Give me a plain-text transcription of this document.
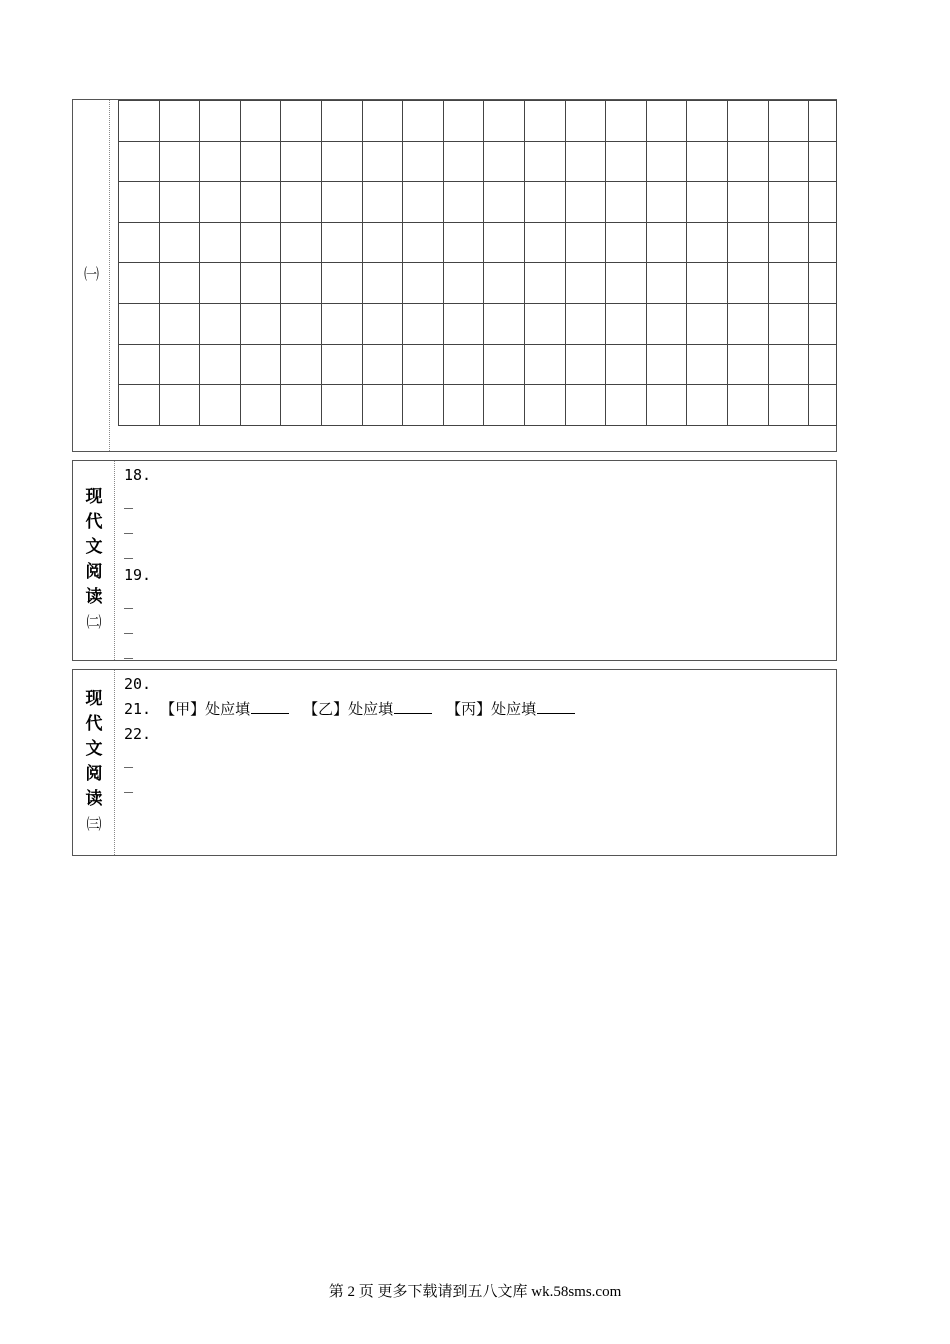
㈠
现
代
文
阅
读
㈡
18.
_
_
_
19.
_
_
_
现
代
文
阅
读
㈢
20.
21. 【甲】处应填	【乙】处应填	【丙】处应填
22.
_
_
第 2 页 更多下载请到五八文库 wk.58sms.com
